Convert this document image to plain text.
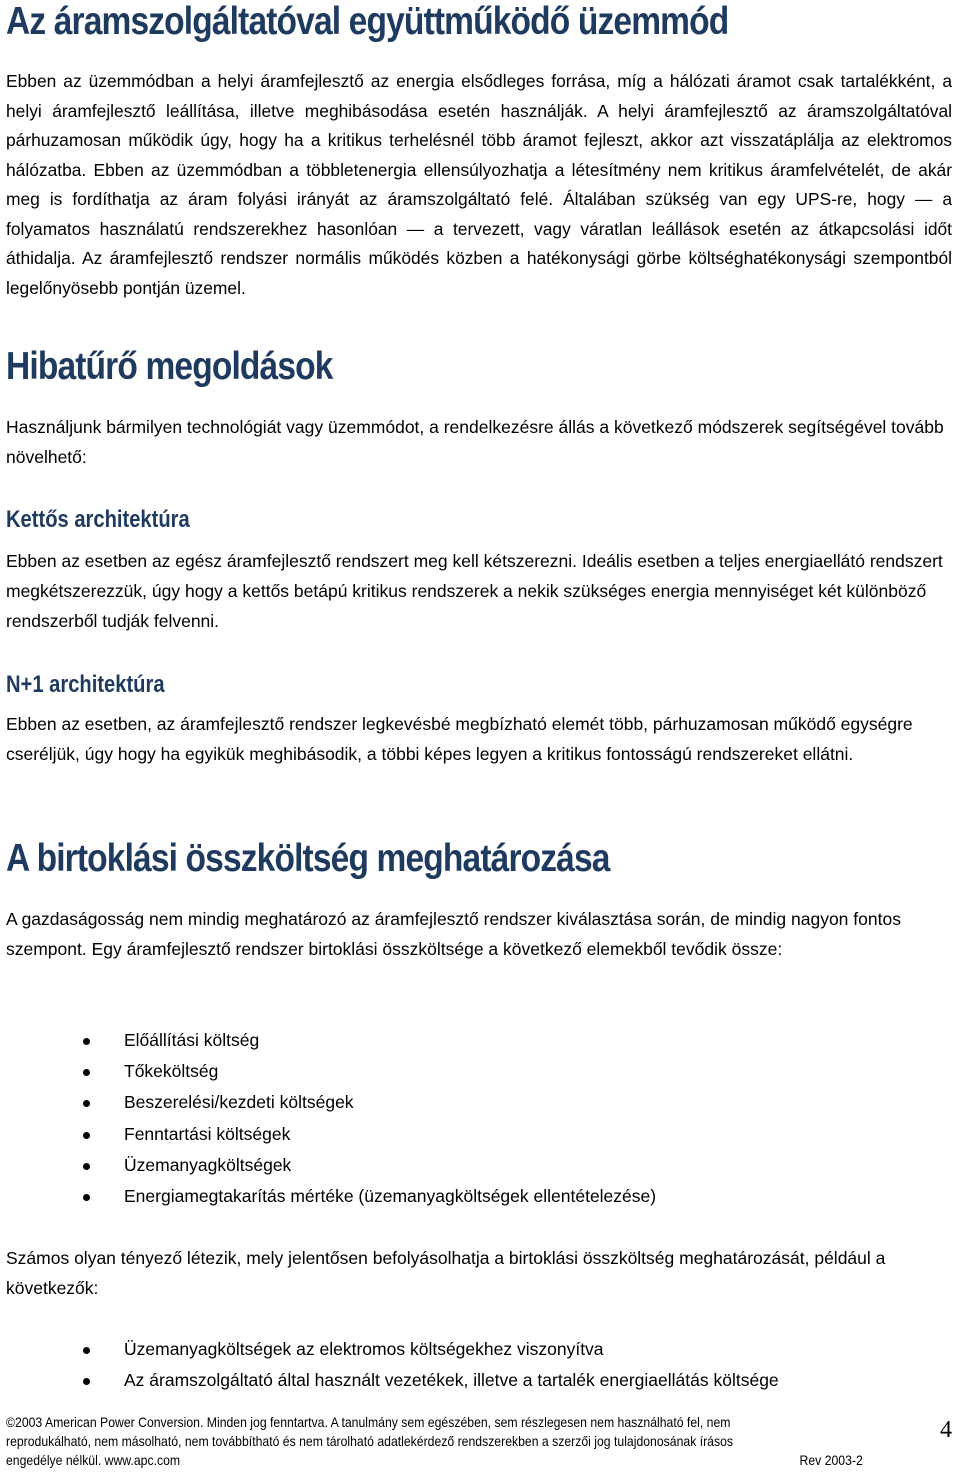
Az áramszolgáltatóval együttműködő üzemmód

Ebben az üzemmódban a helyi áramfejlesztő az energia elsődleges forrása, míg a hálózati áramot csak tartalékként, a helyi áramfejlesztő leállítása, illetve meghibásodása esetén használják. A helyi áramfejlesztő az áramszolgáltatóval párhuzamosan működik úgy, hogy ha a kritikus terhelésnél több áramot fejleszt, akkor azt visszatáplálja az elektromos hálózatba. Ebben az üzemmódban a többletenergia ellensúlyozhatja a létesítmény nem kritikus áramfelvételét, de akár meg is fordíthatja az áram folyási irányát az áramszolgáltató felé. Általában szükség van egy UPS-re, hogy — a folyamatos használatú rendszerekhez hasonlóan — a tervezett, vagy váratlan leállások esetén az átkapcsolási időt áthidalja. Az áramfejlesztő rendszer normális működés közben a hatékonysági görbe költséghatékonysági szempontból legelőnyösebb pontján üzemel.

Hibatűrő megoldások

Használjunk bármilyen technológiát vagy üzemmódot, a rendelkezésre állás a következő módszerek segítségével tovább növelhető:

Kettős architektúra

Ebben az esetben az egész áramfejlesztő rendszert meg kell kétszerezni. Ideális esetben a teljes energiaellátó rendszert megkétszerezzük, úgy hogy a kettős betápú kritikus rendszerek a nekik szükséges energia mennyiséget két különböző rendszerből tudják felvenni.

N+1 architektúra

Ebben az esetben, az áramfejlesztő rendszer legkevésbé megbízható elemét több, párhuzamosan működő egységre cseréljük, úgy hogy ha egyikük meghibásodik, a többi képes legyen a kritikus fontosságú rendszereket ellátni.

A birtoklási összköltség meghatározása

A gazdaságosság nem mindig meghatározó az áramfejlesztő rendszer kiválasztása során, de mindig nagyon fontos szempont. Egy áramfejlesztő rendszer birtoklási összköltsége a következő elemekből tevődik össze:

Előállítási költség
Tőkeköltség
Beszerelési/kezdeti költségek
Fenntartási költségek
Üzemanyagköltségek
Energiamegtakarítás mértéke (üzemanyagköltségek ellentételezése)

Számos olyan tényező létezik, mely jelentősen befolyásolhatja a birtoklási összköltség meghatározását, például a következők:

Üzemanyagköltségek az elektromos költségekhez viszonyítva
Az áramszolgáltató által használt vezetékek, illetve a tartalék energiaellátás költsége
©2003 American Power Conversion. Minden jog fenntartva. A tanulmány sem egészében, sem részlegesen nem használható fel, nem
reprodukálható, nem másolható, nem továbbítható és nem tárolható adatlekérdező rendszerekben a szerzői jog tulajdonosának írásos
engedélye nélkül. www.apc.com	Rev 2003-2
4
